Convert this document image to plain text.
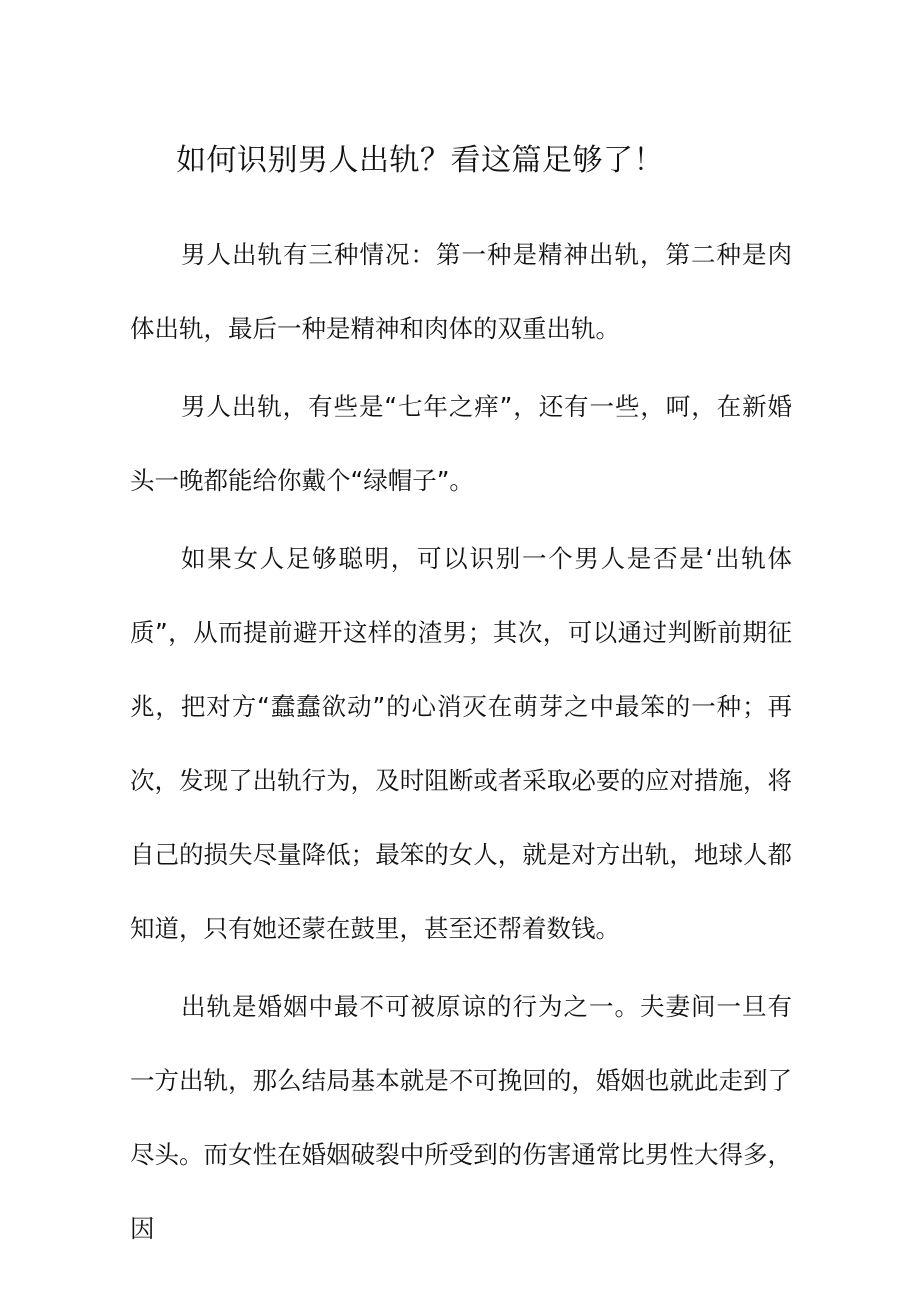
如何识别男人出轨？看这篇足够了！

男人出轨有三种情况：第一种是精神出轨，第二种是肉体出轨，最后一种是精神和肉体的双重出轨。

男人出轨，有些是“七年之痒”，还有一些，呵，在新婚头一晚都能给你戴个“绿帽子”。

如果女人足够聪明，可以识别一个男人是否是‘出轨体质”，从而提前避开这样的渣男；其次，可以通过判断前期征兆，把对方“蠢蠢欲动”的心消灭在萌芽之中最笨的一种；再次，发现了出轨行为，及时阻断或者采取必要的应对措施，将自己的损失尽量降低；最笨的女人，就是对方出轨，地球人都知道，只有她还蒙在鼓里，甚至还帮着数钱。

出轨是婚姻中最不可被原谅的行为之一。夫妻间一旦有一方出轨，那么结局基本就是不可挽回的，婚姻也就此走到了尽头。而女性在婚姻破裂中所受到的伤害通常比男性大得多，因
